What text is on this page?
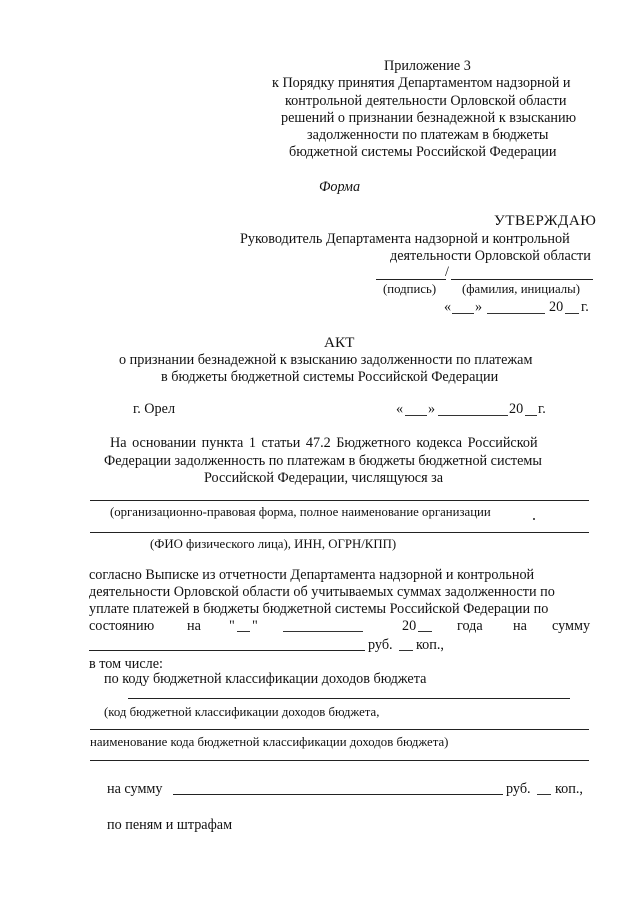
Приложение 3
к Порядку принятия Департаментом надзорной и
контрольной деятельности Орловской области
решений о признании безнадежной к взысканию
задолженности по платежам в бюджеты
бюджетной системы Российской Федерации
Форма
УТВЕРЖДАЮ
Руководитель Департамента надзорной и контрольной
деятельности Орловской области
/
(подпись) (фамилия, инициалы)
« »	20 г.
АКТ
о признании безнадежной к взысканию задолженности по платежам
в бюджеты бюджетной системы Российской Федерации
г. Орел	« »	20 г.
На основании пункта 1 статьи 47.2 Бюджетного кодекса Российской
Федерации задолженность по платежам в бюджеты бюджетной системы
Российской Федерации, числящуюся за
(организационно-правовая форма, полное наименование организации
(ФИО физического лица), ИНН, ОГРН/КПП)
согласно Выписке из отчетности Департамента надзорной и контрольной
деятельности Орловской области об учитываемых суммах задолженности по
уплате платежей в бюджеты бюджетной системы Российской Федерации по
состоянию на " "	20	года на сумму
руб. коп.,
в том числе:
по коду бюджетной классификации доходов бюджета
(код бюджетной классификации доходов бюджета,
наименование кода бюджетной классификации доходов бюджета)
на сумму	руб. коп.,
по пеням и штрафам
